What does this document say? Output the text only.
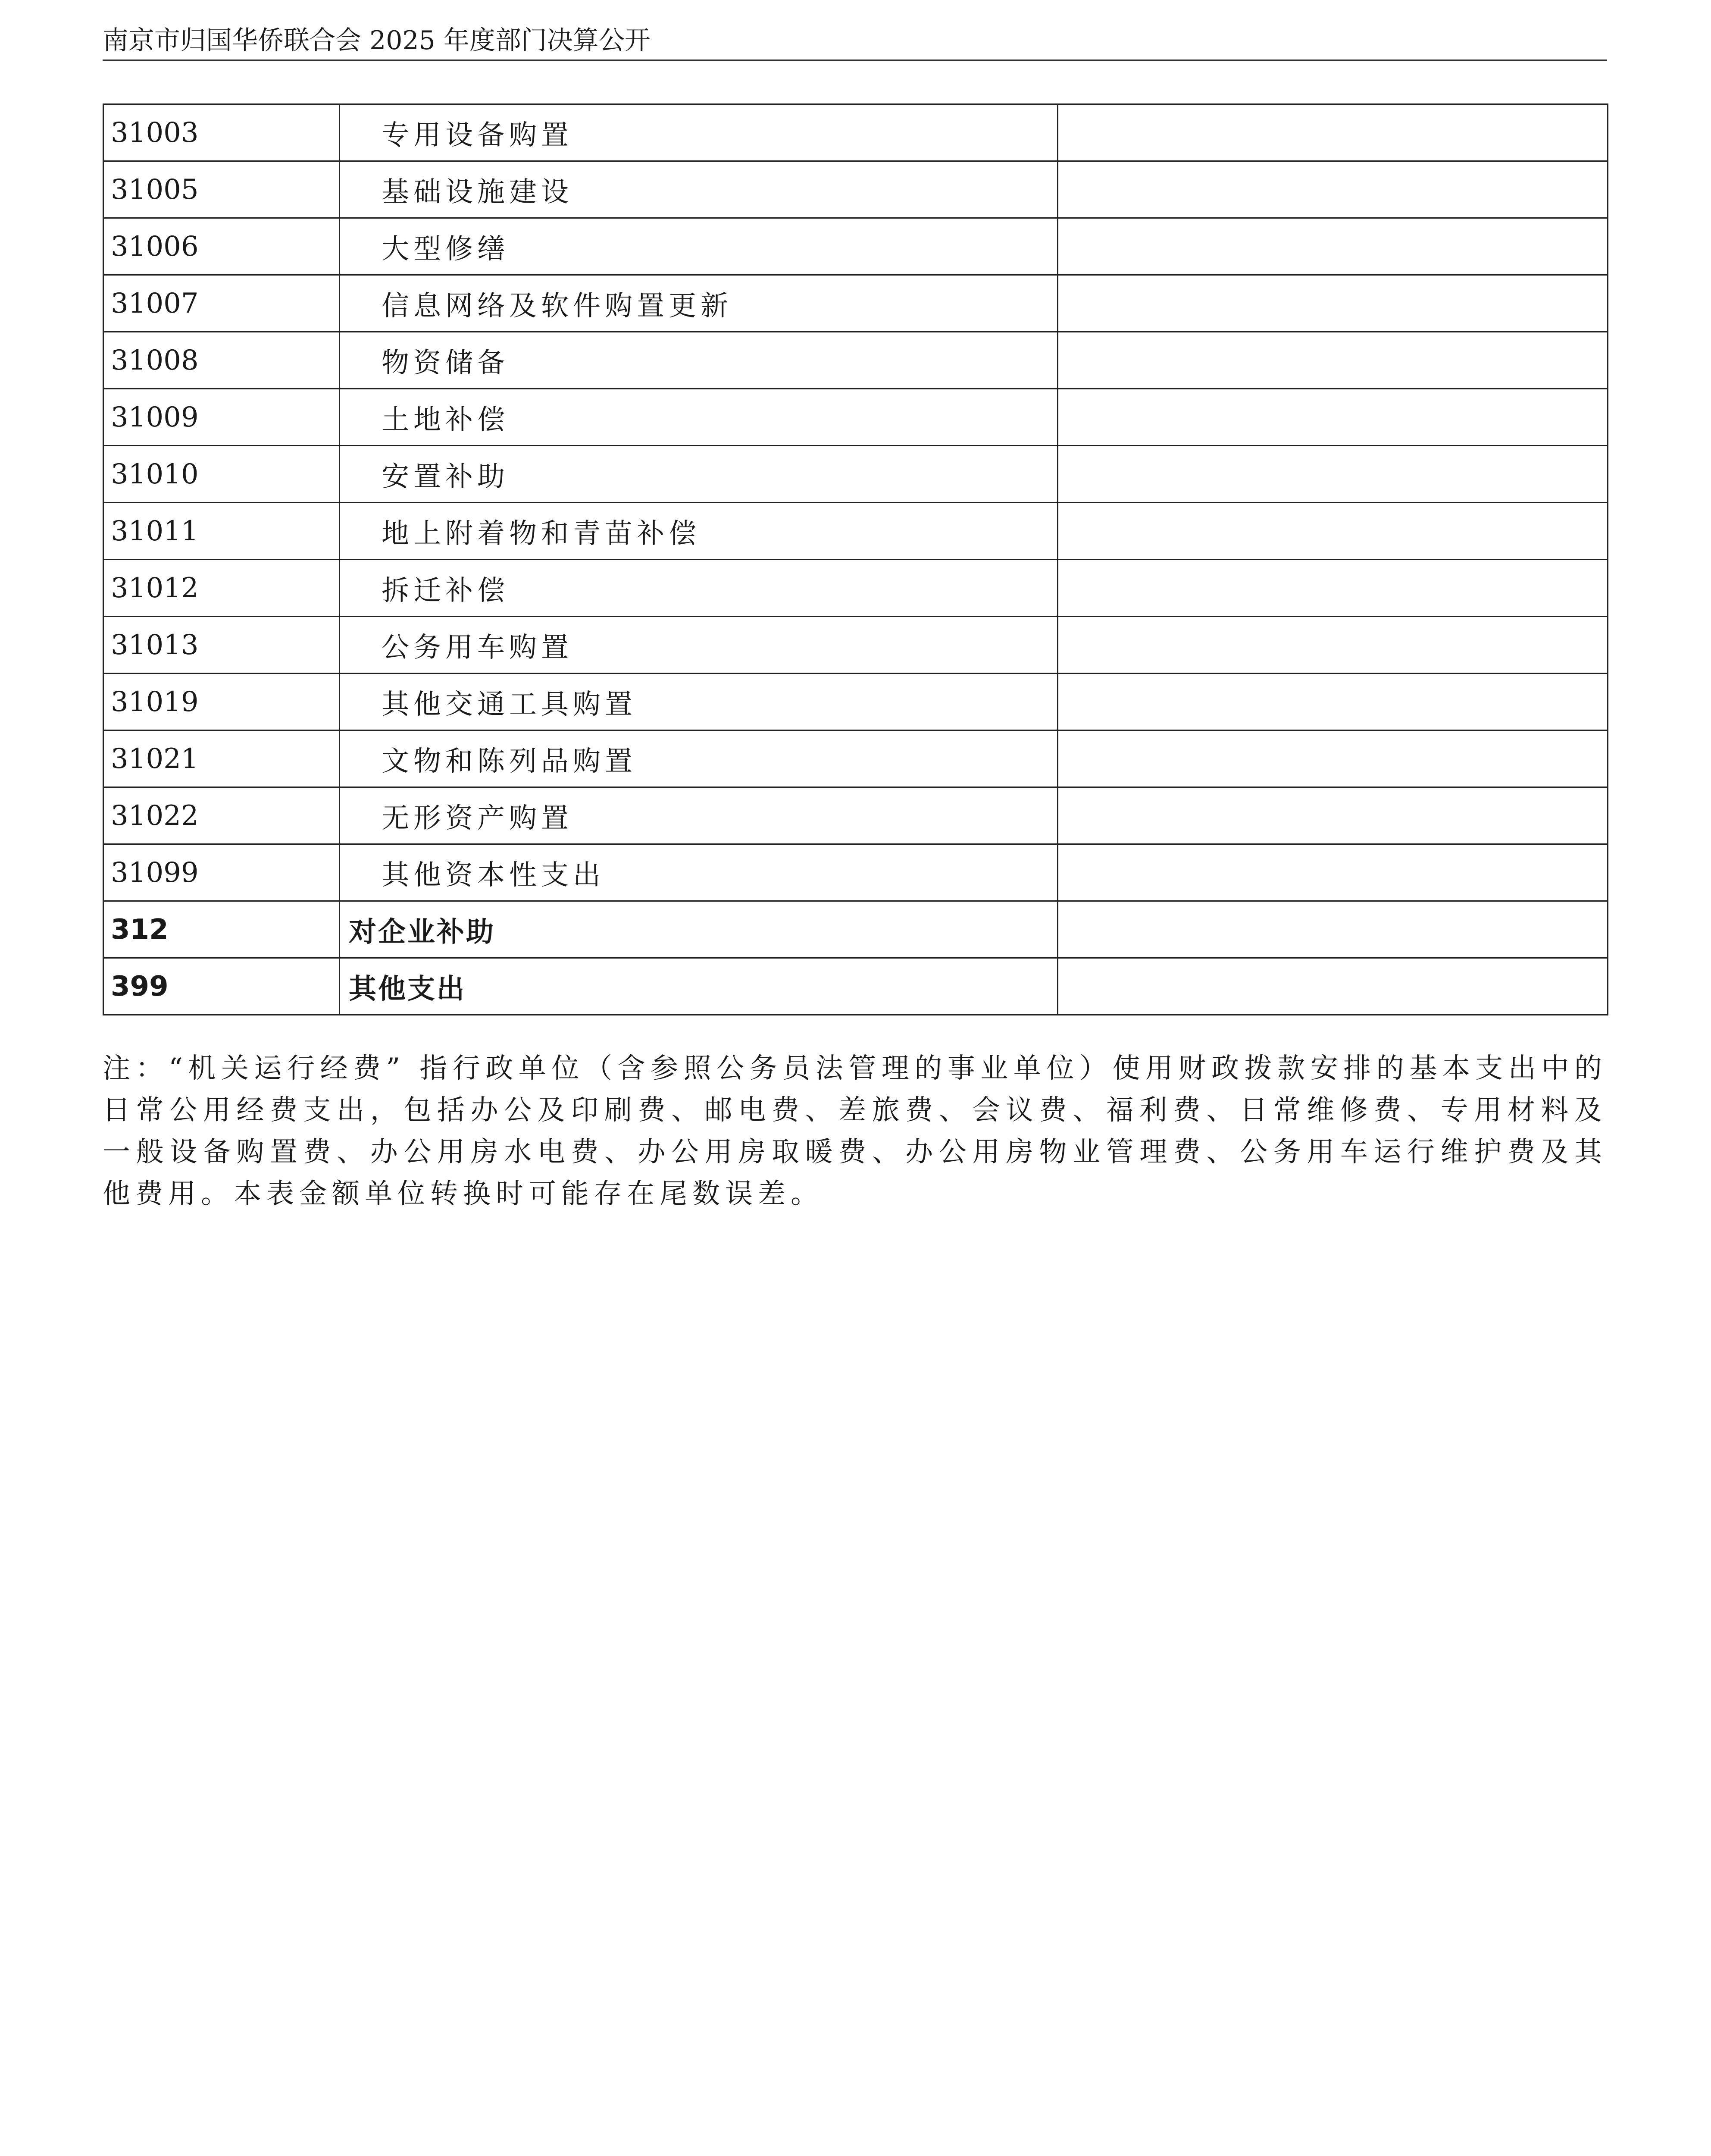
南京市归国华侨联合会 2025 年度部门决算公开
31003	专用设备购置	
31005	基础设施建设	
31006	大型修缮	
31007	信息网络及软件购置更新	
31008	物资储备	
31009	土地补偿	
31010	安置补助	
31011	地上附着物和青苗补偿	
31012	拆迁补偿	
31013	公务用车购置	
31019	其他交通工具购置	
31021	文物和陈列品购置	
31022	无形资产购置	
31099	其他资本性支出	
312	对企业补助	
399	其他支出	
注：“机关运行经费” 指行政单位（含参照公务员法管理的事业单位）使用财政拨款安排的基本支出中的日常公用经费支出，包括办公及印刷费、邮电费、差旅费、会议费、福利费、日常维修费、专用材料及一般设备购置费、办公用房水电费、办公用房取暖费、办公用房物业管理费、公务用车运行维护费及其他费用。本表金额单位转换时可能存在尾数误差。
